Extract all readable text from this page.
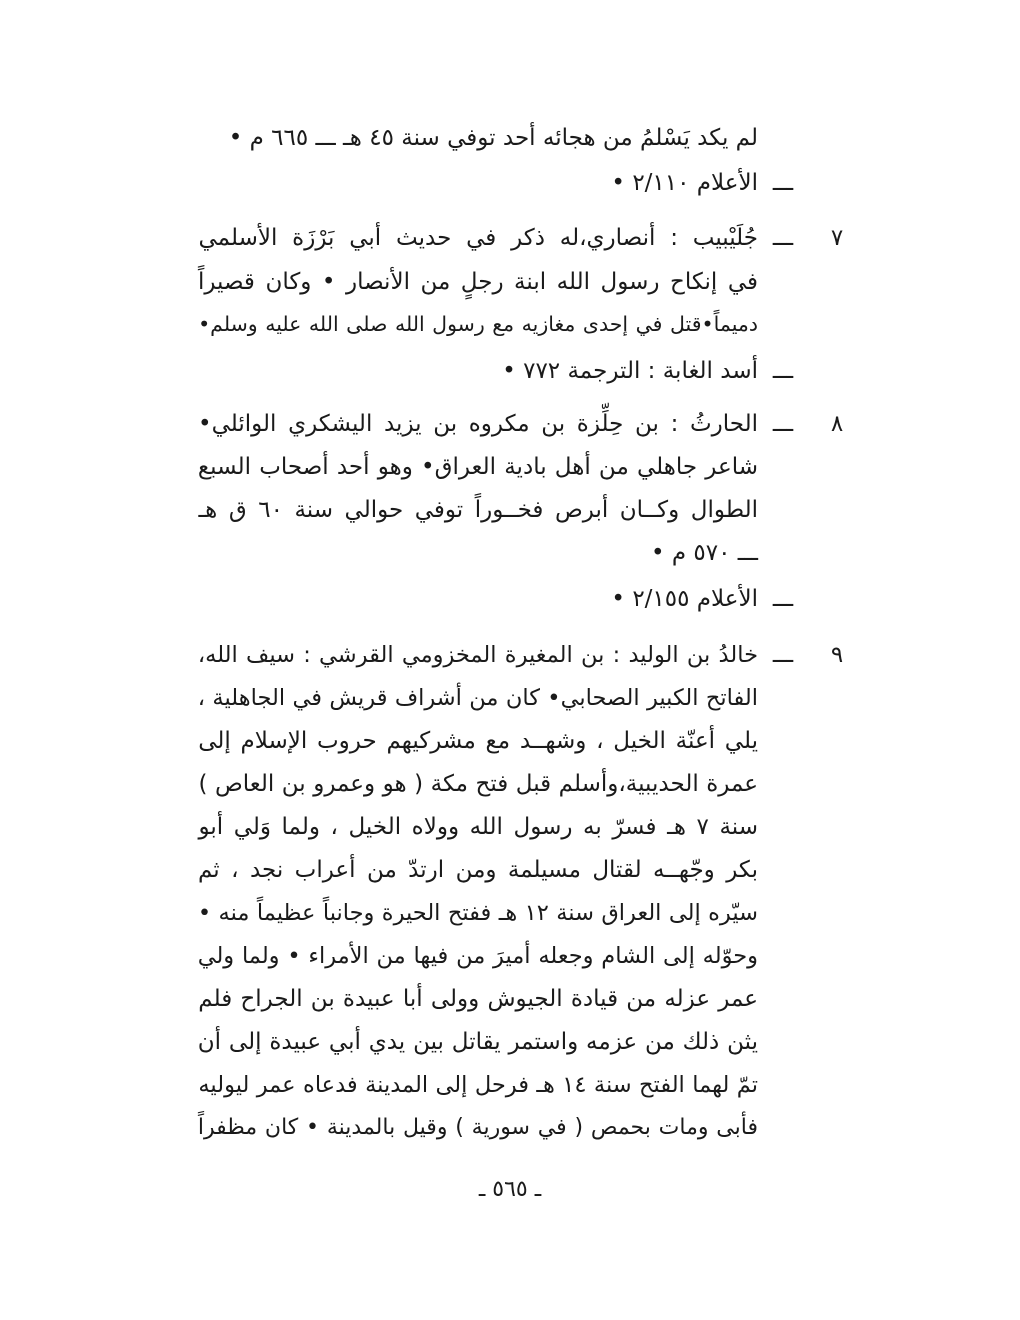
ـــ
ـــ
ـــ
ـــ
ـــ
ـــ
٧
٨
٩
لم يكد يَسْلمُ من هجائه أحد توفي سنة ٤٥ هـ ـــ ٦٦٥ م •
الأعلام ٢/١١٠ •
جُلَيْبيب : أنصاري،له ذكر في حديث أبي بَرْزَة الأسلمي
في إنكاح رسول الله ابنة رجلٍ من الأنصار • وكان قصيراً
دميماً•قتل في إحدى مغازيه مع رسول الله صلى الله عليه وسلم•
أسد الغابة : الترجمة ٧٧٢ •
الحارثُ : بن حِلِّزة بن مكروه بن يزيد اليشكري الوائلي•
شاعر جاهلي من أهل بادية العراق• وهو أحد أصحاب السبع
الطوال وكــان أبرص فخــوراً توفي حوالي سنة ٦٠ ق هـ
ـــ ٥٧٠ م •
الأعلام ٢/١٥٥ •
خالدُ بن الوليد : بن المغيرة المخزومي القرشي : سيف الله،
الفاتح الكبير الصحابي• كان من أشراف قريش في الجاهلية ،
يلي أعنّة الخيل ، وشهــد مع مشركيهم حروب الإسلام إلى
عمرة الحديبية،وأسلم قبل فتح مكة ( هو وعمرو بن العاص )
سنة ٧ هـ فسرّ به رسول الله وولاه الخيل ، ولما وَلي أبو
بكر وجّهــه لقتال مسيلمة ومن ارتدّ من أعراب نجد ، ثم
سيّره إلى العراق سنة ١٢ هـ ففتح الحيرة وجانباً عظيماً منه •
وحوّله إلى الشام وجعله أميرَ من فيها من الأمراء • ولما ولي
عمر عزله من قيادة الجيوش وولى أبا عبيدة بن الجراح فلم
يثن ذلك من عزمه واستمر يقاتل بين يدي أبي عبيدة إلى أن
تمّ لهما الفتح سنة ١٤ هـ فرحل إلى المدينة فدعاه عمر ليوليه
فأبى ومات بحمص ( في سورية ) وقيل بالمدينة • كان مظفراً
ـ ٥٦٥ ـ
